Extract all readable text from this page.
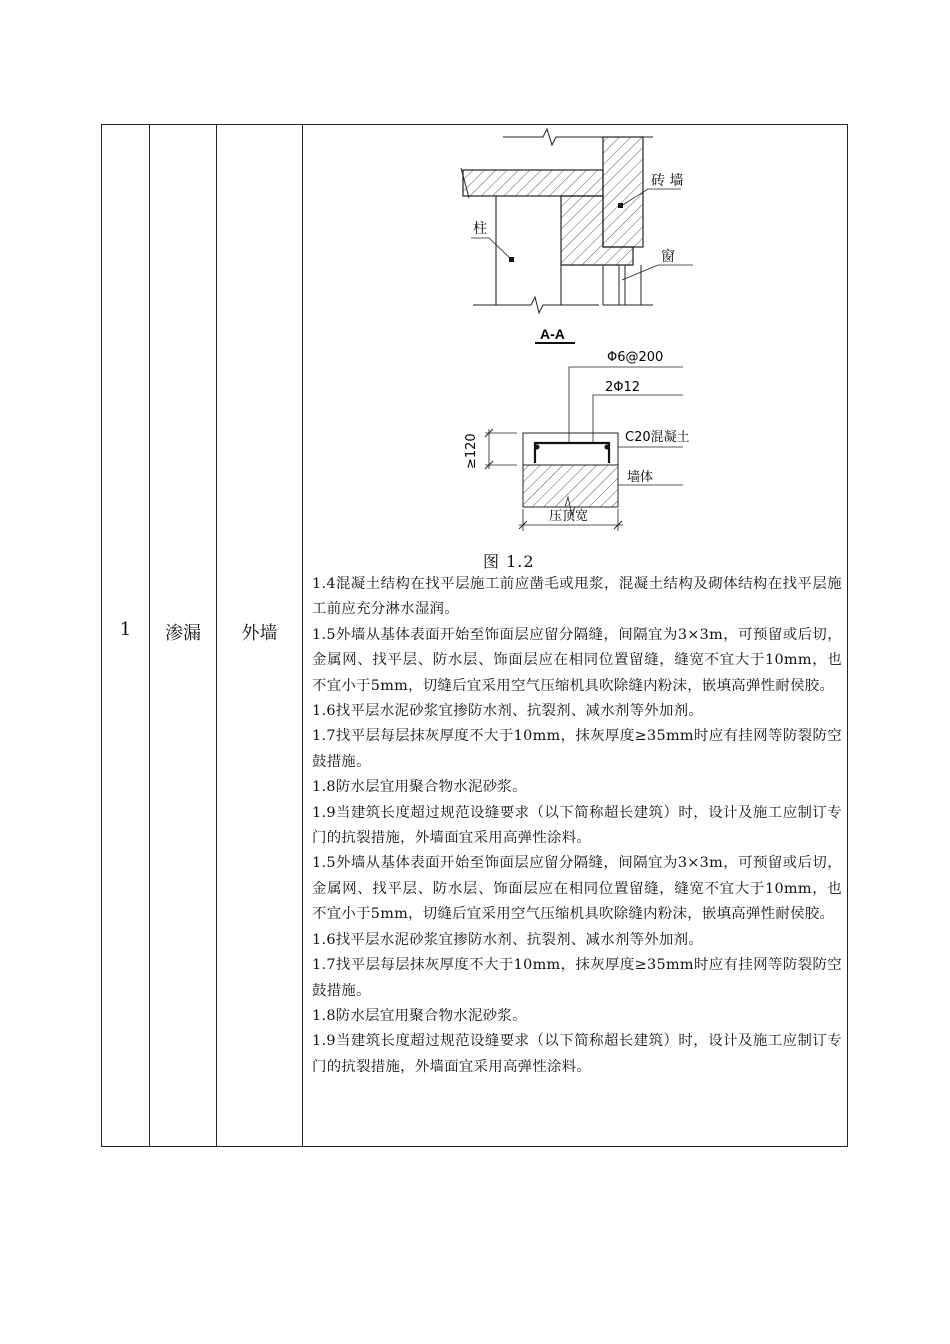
1	渗漏	外墙
砖 墙
柱
窗
A-A
Φ6@200
2Φ12
C20混凝土
墙体
≥120
压顶宽
图 1.2

1.4混凝土结构在找平层施工前应凿毛或甩浆，混凝土结构及砌体结构在找平层施工前应充分淋水湿润。

1.5外墙从基体表面开始至饰面层应留分隔缝，间隔宜为3×3m，可预留或后切，金属网、找平层、防水层、饰面层应在相同位置留缝，缝宽不宜大于10mm，也不宜小于5mm，切缝后宜采用空气压缩机具吹除缝内粉沫，嵌填高弹性耐侯胶。

1.6找平层水泥砂浆宜掺防水剂、抗裂剂、减水剂等外加剂。

1.7找平层每层抹灰厚度不大于10mm，抹灰厚度≥35mm时应有挂网等防裂防空鼓措施。

1.8防水层宜用聚合物水泥砂浆。

1.9当建筑长度超过规范设缝要求（以下简称超长建筑）时，设计及施工应制订专门的抗裂措施，外墙面宜采用高弹性涂料。

1.5外墙从基体表面开始至饰面层应留分隔缝，间隔宜为3×3m，可预留或后切，金属网、找平层、防水层、饰面层应在相同位置留缝，缝宽不宜大于10mm，也不宜小于5mm，切缝后宜采用空气压缩机具吹除缝内粉沫，嵌填高弹性耐侯胶。

1.6找平层水泥砂浆宜掺防水剂、抗裂剂、减水剂等外加剂。

1.7找平层每层抹灰厚度不大于10mm，抹灰厚度≥35mm时应有挂网等防裂防空鼓措施。

1.8防水层宜用聚合物水泥砂浆。

1.9当建筑长度超过规范设缝要求（以下简称超长建筑）时，设计及施工应制订专门的抗裂措施，外墙面宜采用高弹性涂料。
